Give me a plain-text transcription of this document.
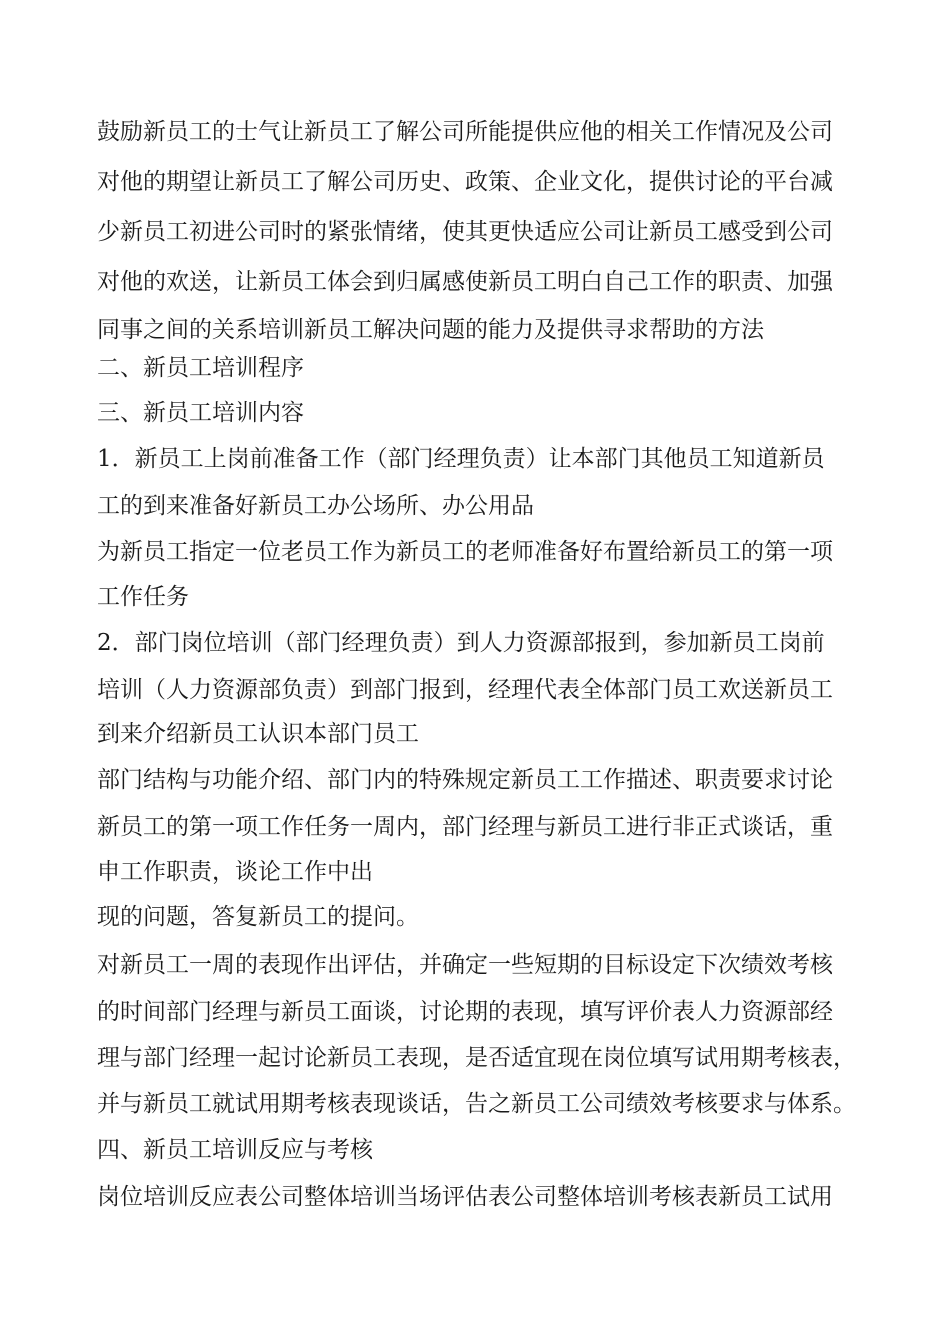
鼓励新员工的士气让新员工了解公司所能提供应他的相关工作情况及公司
对他的期望让新员工了解公司历史、政策、企业文化，提供讨论的平台减
少新员工初进公司时的紧张情绪，使其更快适应公司让新员工感受到公司
对他的欢送，让新员工体会到归属感使新员工明白自己工作的职责、加强
同事之间的关系培训新员工解决问题的能力及提供寻求帮助的方法
二、新员工培训程序
三、新员工培训内容
1．新员工上岗前准备工作（部门经理负责）让本部门其他员工知道新员
工的到来准备好新员工办公场所、办公用品
为新员工指定一位老员工作为新员工的老师准备好布置给新员工的第一项
工作任务
2．部门岗位培训（部门经理负责）到人力资源部报到，参加新员工岗前
培训（人力资源部负责）到部门报到，经理代表全体部门员工欢送新员工
到来介绍新员工认识本部门员工
部门结构与功能介绍、部门内的特殊规定新员工工作描述、职责要求讨论
新员工的第一项工作任务一周内，部门经理与新员工进行非正式谈话，重
申工作职责，谈论工作中出
现的问题，答复新员工的提问。
对新员工一周的表现作出评估，并确定一些短期的目标设定下次绩效考核
的时间部门经理与新员工面谈，讨论期的表现，填写评价表人力资源部经
理与部门经理一起讨论新员工表现，是否适宜现在岗位填写试用期考核表，
并与新员工就试用期考核表现谈话，告之新员工公司绩效考核要求与体系。
四、新员工培训反应与考核
岗位培训反应表公司整体培训当场评估表公司整体培训考核表新员工试用
